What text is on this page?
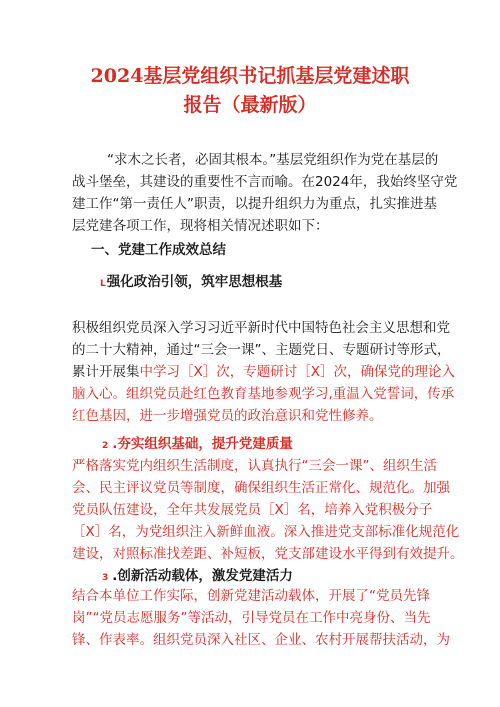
2024基层党组织书记抓基层党建述职
报告（最新版）

“求木之长者，必固其根本。”基层党组织作为党在基层的

战斗堡垒，其建设的重要性不言而喻。在2024年，我始终坚守党

建工作“第一责任人”职责，以提升组织力为重点，扎实推进基

层党建各项工作，现将相关情况述职如下：

一、党建工作成效总结

L强化政治引领，筑牢思想根基

积极组织党员深入学习习近平新时代中国特色社会主义思想和党

的二十大精神，通过“三会一课”、主题党日、专题研讨等形式，

累计开展集中学习［X］次，专题研讨［X］次，确保党的理论入

脑入心。组织党员赴红色教育基地参观学习,重温入党誓词，传承

红色基因，进一步增强党员的政治意识和党性修养。

2 .夯实组织基础，提升党建质量

严格落实党内组织生活制度，认真执行“三会一课”、组织生活

会、民主评议党员等制度，确保组织生活正常化、规范化。加强

党员队伍建设，全年共发展党员［X］名，培养入党积极分子

［X］名，为党组织注入新鲜血液。深入推进党支部标准化规范化

建设，对照标准找差距、补短板，党支部建设水平得到有效提升。

3 .创新活动载体，激发党建活力

结合本单位工作实际，创新党建活动载体，开展了“党员先锋

岗”“党员志愿服务”等活动，引导党员在工作中亮身份、当先

锋、作表率。组织党员深入社区、企业、农村开展帮扶活动，为
